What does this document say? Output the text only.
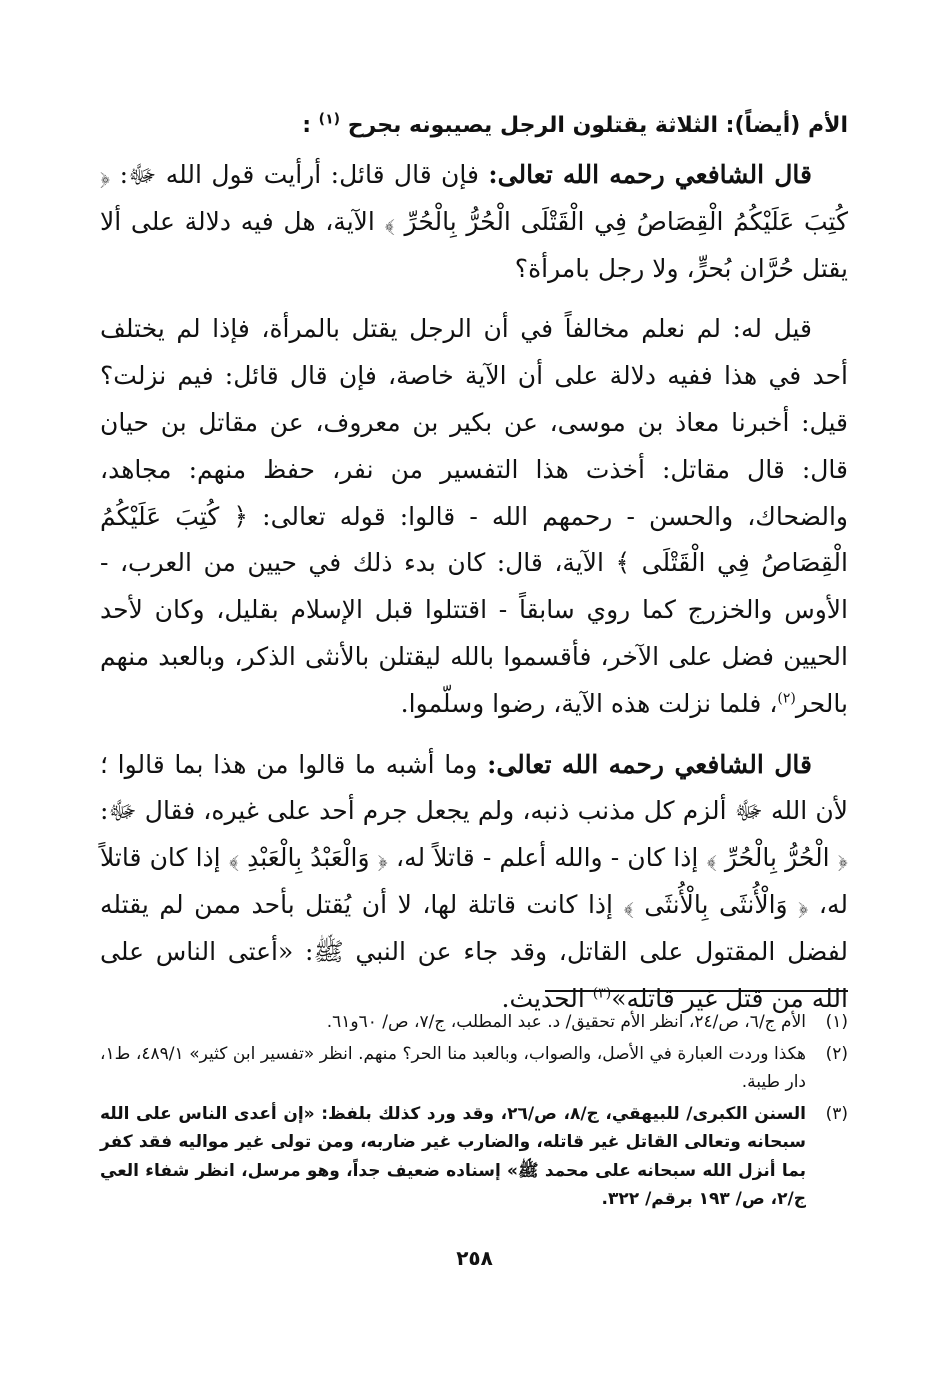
الأم (أيضاً): الثلاثة يقتلون الرجل يصيبونه بجرح $^{(١)}$ :

قال الشافعي رحمه الله تعالى: فإن قال قائل: أرأيت قول الله ﷻ: ﴿ كُتِبَ عَلَيْكُمُ الْقِصَاصُ فِي الْقَتْلَى الْحُرُّ بِالْحُرِّ ﴾ الآية، هل فيه دلالة على ألا يقتل حُرَّان بُحرٍّ، ولا رجل بامرأة؟

قيل له: لم نعلم مخالفاً في أن الرجل يقتل بالمرأة، فإذا لم يختلف أحد في هذا ففيه دلالة على أن الآية خاصة، فإن قال قائل: فيم نزلت؟ قيل: أخبرنا معاذ بن موسى، عن بكير بن معروف، عن مقاتل بن حيان قال: قال مقاتل: أخذت هذا التفسير من نفر، حفظ منهم: مجاهد، والضحاك، والحسن - رحمهم الله - قالوا: قوله تعالى: ﴿ كُتِبَ عَلَيْكُمُ الْقِصَاصُ فِي الْقَتْلَى ﴾ الآية، قال: كان بدء ذلك في حيين من العرب، - الأوس والخزرج كما روي سابقاً - اقتتلوا قبل الإسلام بقليل، وكان لأحد الحيين فضل على الآخر، فأقسموا بالله ليقتلن بالأنثى الذكر، وبالعبد منهم بالحر$^{(٢)}$، فلما نزلت هذه الآية، رضوا وسلّموا.

قال الشافعي رحمه الله تعالى: وما أشبه ما قالوا من هذا بما قالوا ؛ لأن الله ﷻ ألزم كل مذنب ذنبه، ولم يجعل جرم أحد على غيره، فقال ﷻ: ﴿ الْحُرُّ بِالْحُرِّ ﴾ إذا كان - والله أعلم - قاتلاً له، ﴿ وَالْعَبْدُ بِالْعَبْدِ ﴾ إذا كان قاتلاً له، ﴿ وَالْأُنثَى بِالْأُنثَى ﴾ إذا كانت قاتلة لها، لا أن يُقتل بأحد ممن لم يقتله لفضل المقتول على القاتل، وقد جاء عن النبي ﷺ: «أعتى الناس على الله من قتل غير قاتله»$^{(٣)}$ الحديث.

(١)
الأم ج/٦، ص/٢٤، انظر الأم تحقيق/ د. عبد المطلب، ج/٧، ص/ ٦٠و٦١.
(٢)
هكذا وردت العبارة في الأصل، والصواب، وبالعبد منا الحر؟ منهم. انظر «تفسير ابن كثير» ٤٨٩/١، ط١، دار طيبة.
(٣)
السنن الكبرى/ للبيهقي، ج/٨، ص/٢٦، وقد ورد كذلك بلفظ: «إن أعدى الناس على الله سبحانه وتعالى القاتل غير قاتله، والضارب غير ضاربه، ومن تولى غير مواليه فقد كفر بما أنزل الله سبحانه على محمد ﷺ» إسناده ضعيف جداً، وهو مرسل، انظر شفاء العي ج/٢، ص/ ١٩٣ برقم/ ٣٢٢.
٢٥٨
